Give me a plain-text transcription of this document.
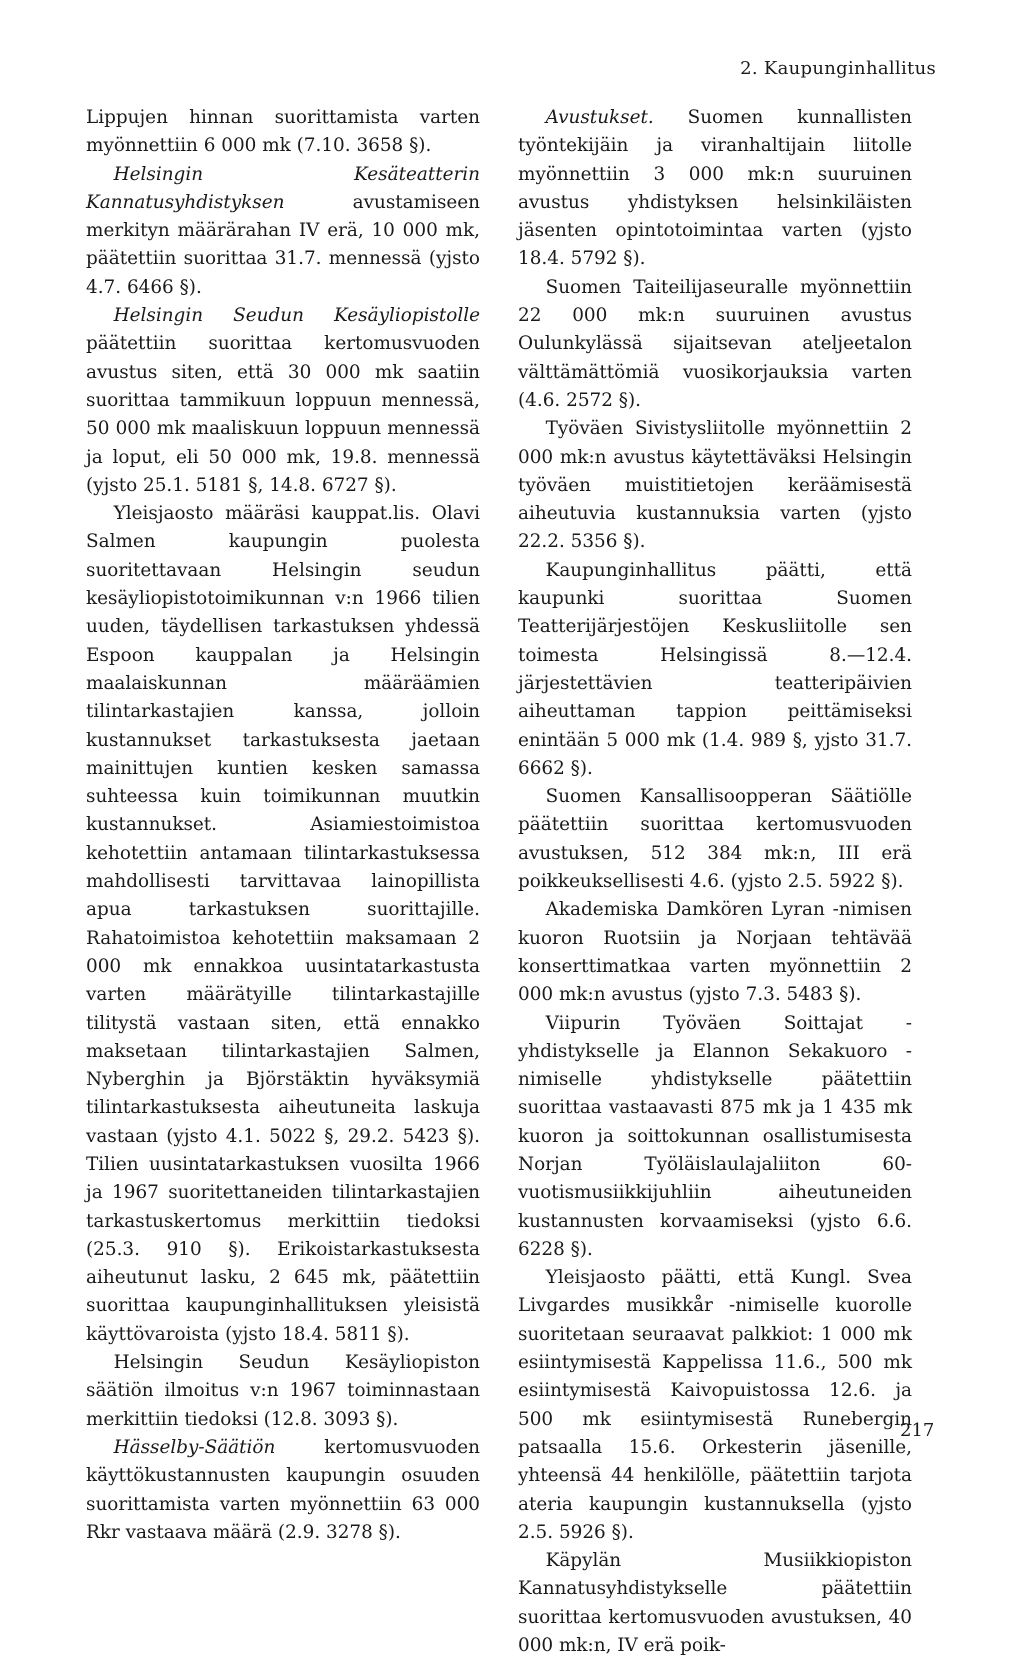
2. Kaupunginhallitus

Lippujen hinnan suorittamista varten myönnettiin 6 000 mk (7.10. 3658 §).

Helsingin Kesäteatterin Kannatusyhdistyksen avustamiseen merkityn määrärahan IV erä, 10 000 mk, päätettiin suorittaa 31.7. mennessä (yjsto 4.7. 6466 §).

Helsingin Seudun Kesäyliopistolle päätettiin suorittaa kertomusvuoden avustus siten, että 30 000 mk saatiin suorittaa tammikuun loppuun mennessä, 50 000 mk maaliskuun loppuun mennessä ja loput, eli 50 000 mk, 19.8. mennessä (yjsto 25.1. 5181 §, 14.8. 6727 §).

Yleisjaosto määräsi kauppat.lis. Olavi Salmen kaupungin puolesta suoritettavaan Helsingin seudun kesäyliopistotoimikunnan v:n 1966 tilien uuden, täydellisen tarkastuksen yhdessä Espoon kauppalan ja Helsingin maalaiskunnan määräämien tilintarkastajien kanssa, jolloin kustannukset tarkastuksesta jaetaan mainittujen kuntien kesken samassa suhteessa kuin toimikunnan muutkin kustannukset. Asiamiestoimistoa kehotettiin antamaan tilintarkastuksessa mahdollisesti tarvittavaa lainopillista apua tarkastuksen suorittajille. Rahatoimistoa kehotettiin maksamaan 2 000 mk ennakkoa uusintatarkastusta varten määrätyille tilintarkastajille tilitystä vastaan siten, että ennakko maksetaan tilintarkastajien Salmen, Nyberghin ja Björstäktin hyväksymiä tilintarkastuksesta aiheutuneita laskuja vastaan (yjsto 4.1. 5022 §, 29.2. 5423 §). Tilien uusintatarkastuksen vuosilta 1966 ja 1967 suoritettaneiden tilintarkastajien tarkastuskertomus merkittiin tiedoksi (25.3. 910 §). Erikoistarkastuksesta aiheutunut lasku, 2 645 mk, päätettiin suorittaa kaupunginhallituksen yleisistä käyttövaroista (yjsto 18.4. 5811 §).

Helsingin Seudun Kesäyliopiston säätiön ilmoitus v:n 1967 toiminnastaan merkittiin tiedoksi (12.8. 3093 §).

Hässelby-Säätiön kertomusvuoden käyttökustannusten kaupungin osuuden suorittamista varten myönnettiin 63 000 Rkr vastaava määrä (2.9. 3278 §).

Avustukset. Suomen kunnallisten työntekijäin ja viranhaltijain liitolle myönnettiin 3 000 mk:n suuruinen avustus yhdistyksen helsinkiläisten jäsenten opintotoimintaa varten (yjsto 18.4. 5792 §).

Suomen Taiteilijaseuralle myönnettiin 22 000 mk:n suuruinen avustus Oulunkylässä sijaitsevan ateljeetalon välttämättömiä vuosikorjauksia varten (4.6. 2572 §).

Työväen Sivistysliitolle myönnettiin 2 000 mk:n avustus käytettäväksi Helsingin työväen muistitietojen keräämisestä aiheutuvia kustannuksia varten (yjsto 22.2. 5356 §).

Kaupunginhallitus päätti, että kaupunki suorittaa Suomen Teatterijärjestöjen Keskusliitolle sen toimesta Helsingissä 8.—12.4. järjestettävien teatteripäivien aiheuttaman tappion peittämiseksi enintään 5 000 mk (1.4. 989 §, yjsto 31.7. 6662 §).

Suomen Kansallisoopperan Säätiölle päätettiin suorittaa kertomusvuoden avustuksen, 512 384 mk:n, III erä poikkeuksellisesti 4.6. (yjsto 2.5. 5922 §).

Akademiska Damkören Lyran -nimisen kuoron Ruotsiin ja Norjaan tehtävää konserttimatkaa varten myönnettiin 2 000 mk:n avustus (yjsto 7.3. 5483 §).

Viipurin Työväen Soittajat -yhdistykselle ja Elannon Sekakuoro -nimiselle yhdistykselle päätettiin suorittaa vastaavasti 875 mk ja 1 435 mk kuoron ja soittokunnan osallistumisesta Norjan Työläislaulajaliiton 60-vuotismusiikkijuhliin aiheutuneiden kustannusten korvaamiseksi (yjsto 6.6. 6228 §).

Yleisjaosto päätti, että Kungl. Svea Livgardes musikkår -nimiselle kuorolle suoritetaan seuraavat palkkiot: 1 000 mk esiintymisestä Kappelissa 11.6., 500 mk esiintymisestä Kaivopuistossa 12.6. ja 500 mk esiintymisestä Runebergin patsaalla 15.6. Orkesterin jäsenille, yhteensä 44 henkilölle, päätettiin tarjota ateria kaupungin kustannuksella (yjsto 2.5. 5926 §).

Käpylän Musiikkiopiston Kannatusyhdistykselle päätettiin suorittaa kertomusvuoden avustuksen, 40 000 mk:n, IV erä poik-

217
